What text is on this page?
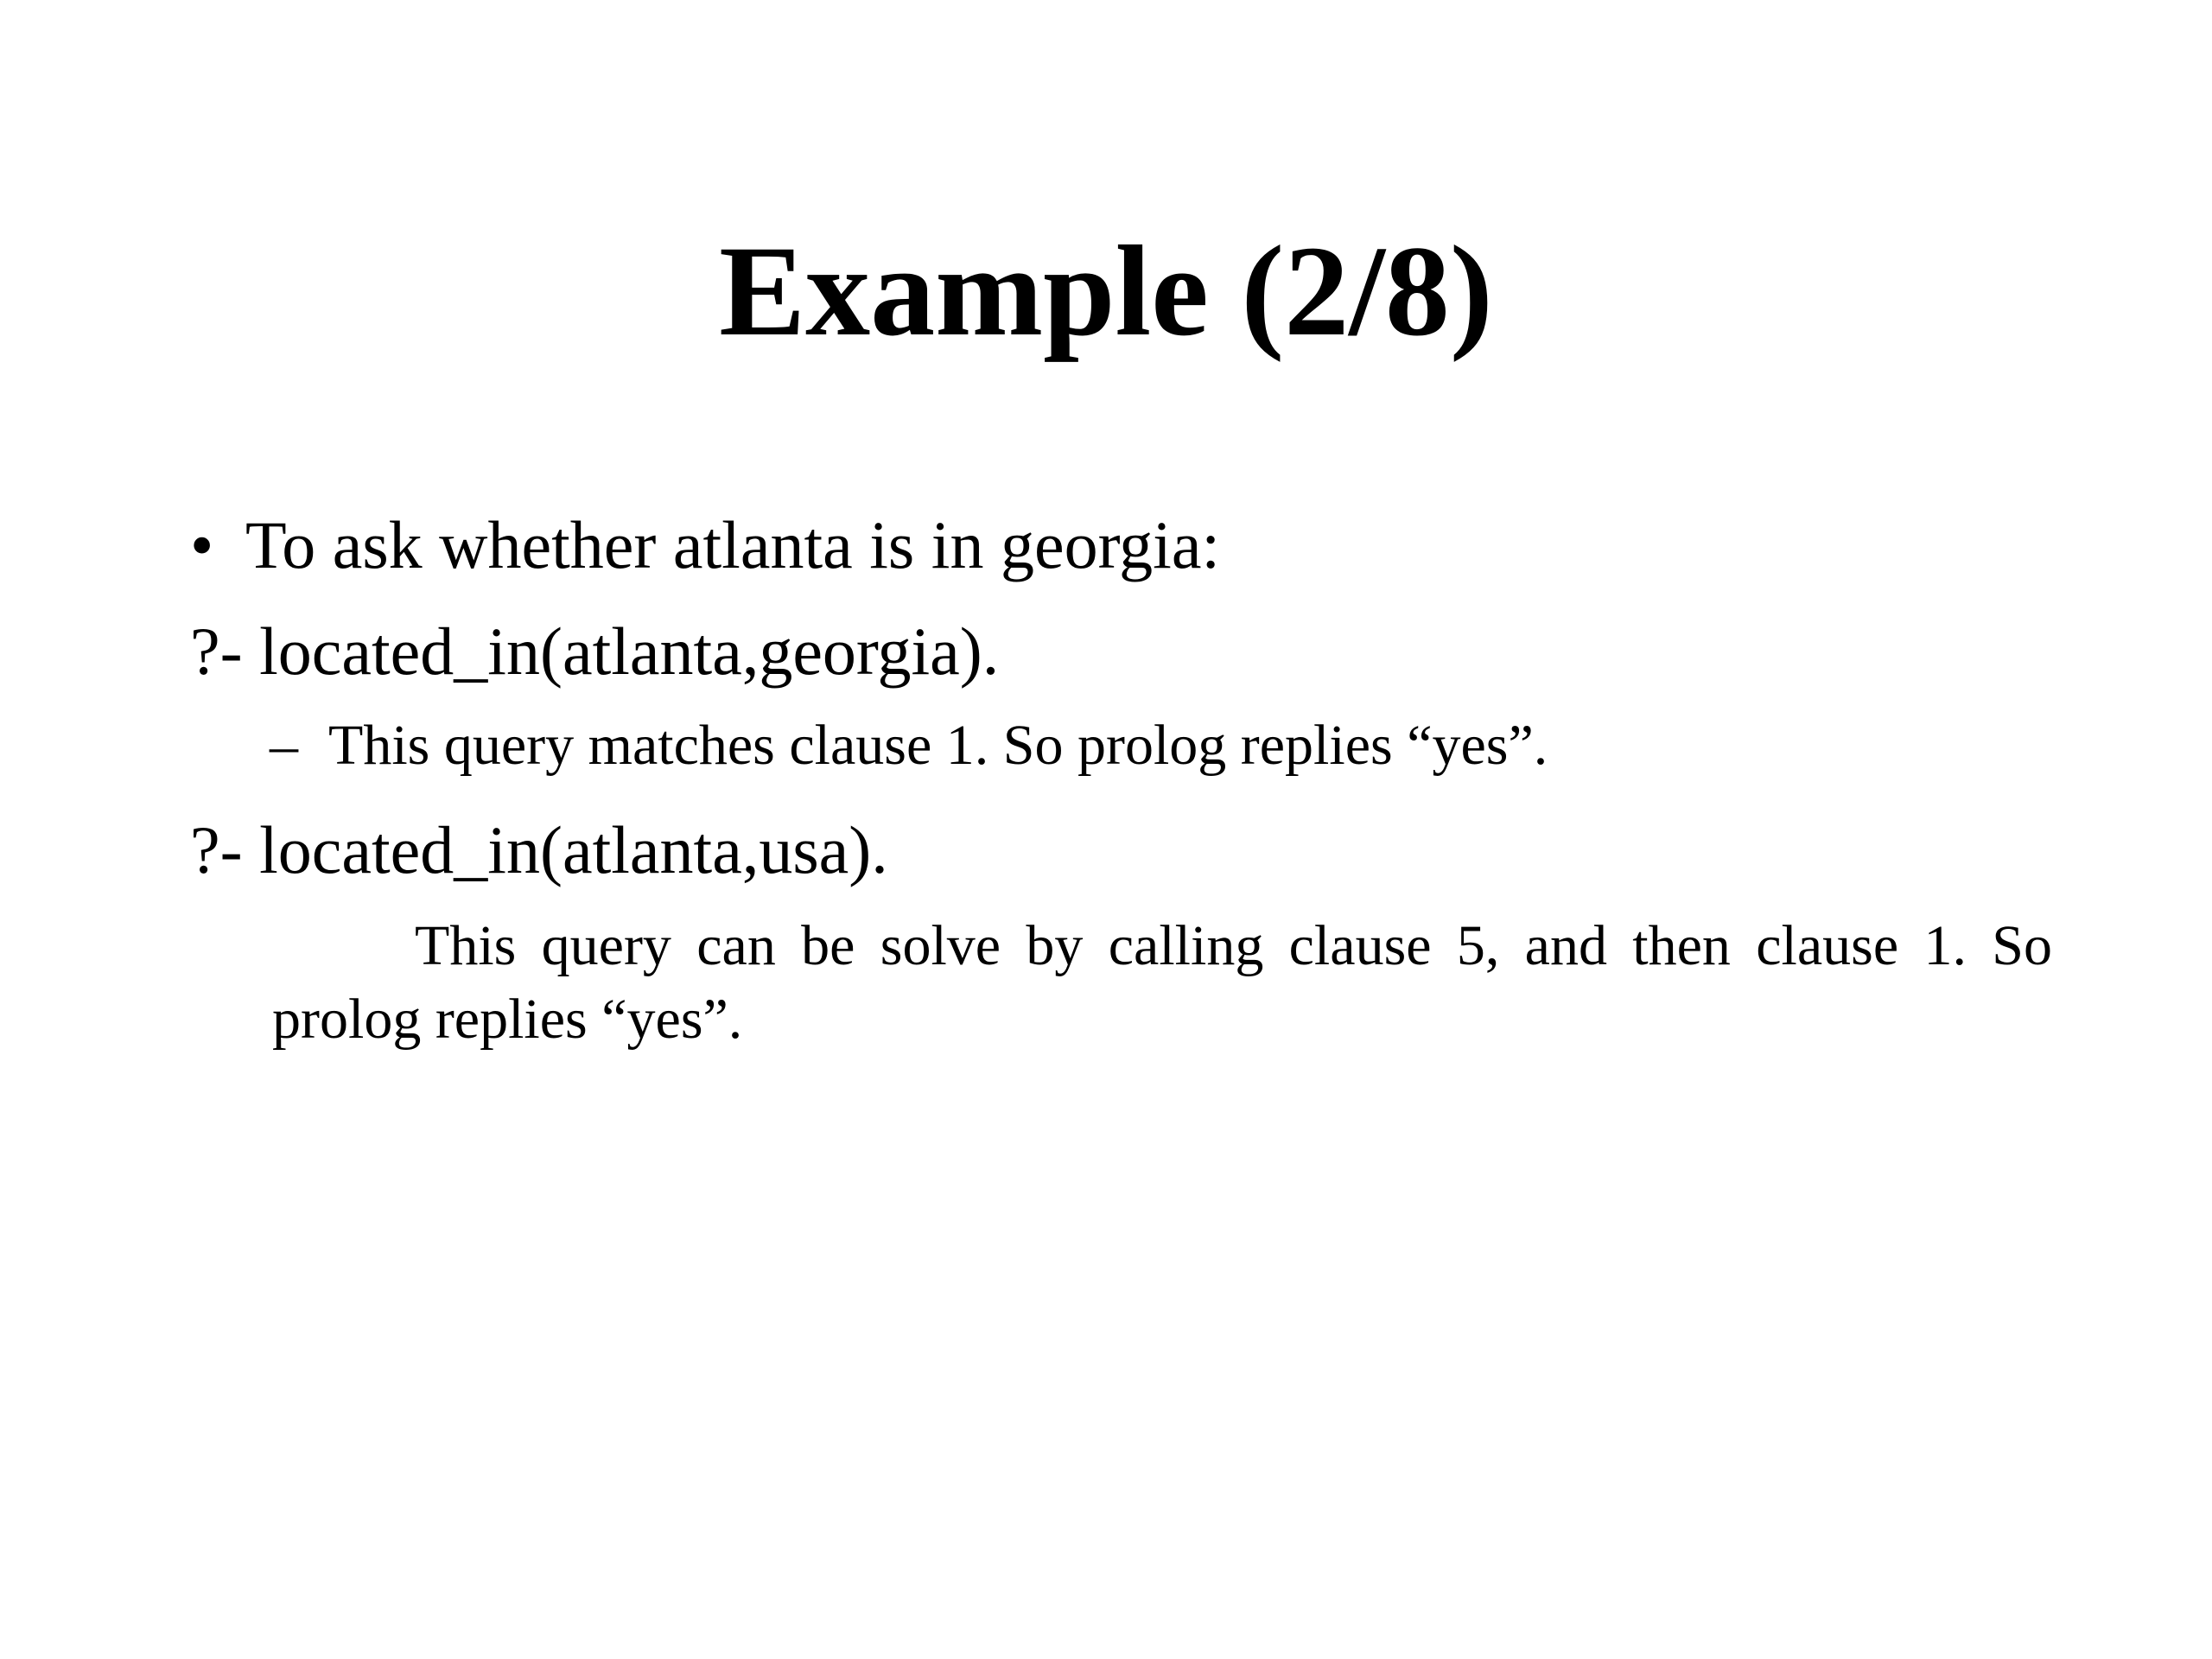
Example (2/8)
• To ask whether atlanta is in georgia:
?- located_in(atlanta,georgia).
– This query matches clause 1. So prolog replies “yes”.
?- located_in(atlanta,usa).
This query can be solve by calling clause 5, and then clause 1. So prolog replies “yes”.
